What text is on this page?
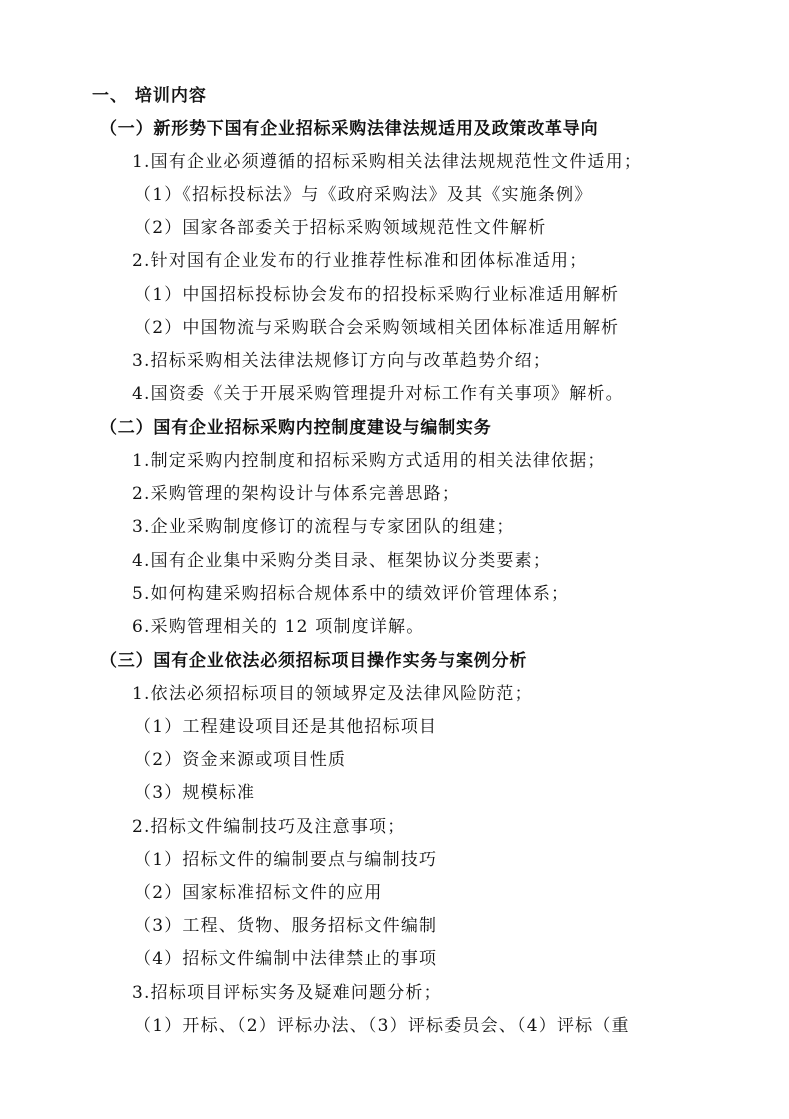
一、 培训内容
（一）新形势下国有企业招标采购法律法规适用及政策改革导向
1.国有企业必须遵循的招标采购相关法律法规规范性文件适用；
（1）《招标投标法》与《政府采购法》及其《实施条例》
（2）国家各部委关于招标采购领域规范性文件解析
2.针对国有企业发布的行业推荐性标准和团体标准适用；
（1）中国招标投标协会发布的招投标采购行业标准适用解析
（2）中国物流与采购联合会采购领域相关团体标准适用解析
3.招标采购相关法律法规修订方向与改革趋势介绍；
4.国资委《关于开展采购管理提升对标工作有关事项》解析。
（二）国有企业招标采购内控制度建设与编制实务
1.制定采购内控制度和招标采购方式适用的相关法律依据；
2.采购管理的架构设计与体系完善思路；
3.企业采购制度修订的流程与专家团队的组建；
4.国有企业集中采购分类目录、框架协议分类要素；
5.如何构建采购招标合规体系中的绩效评价管理体系；
6.采购管理相关的 12 项制度详解。
（三）国有企业依法必须招标项目操作实务与案例分析
1.依法必须招标项目的领域界定及法律风险防范；
（1）工程建设项目还是其他招标项目
（2）资金来源或项目性质
（3）规模标准
2.招标文件编制技巧及注意事项；
（1）招标文件的编制要点与编制技巧
（2）国家标准招标文件的应用
（3）工程、货物、服务招标文件编制
（4）招标文件编制中法律禁止的事项
3.招标项目评标实务及疑难问题分析；
（1）开标、（2）评标办法、（3）评标委员会、（4）评标（重
